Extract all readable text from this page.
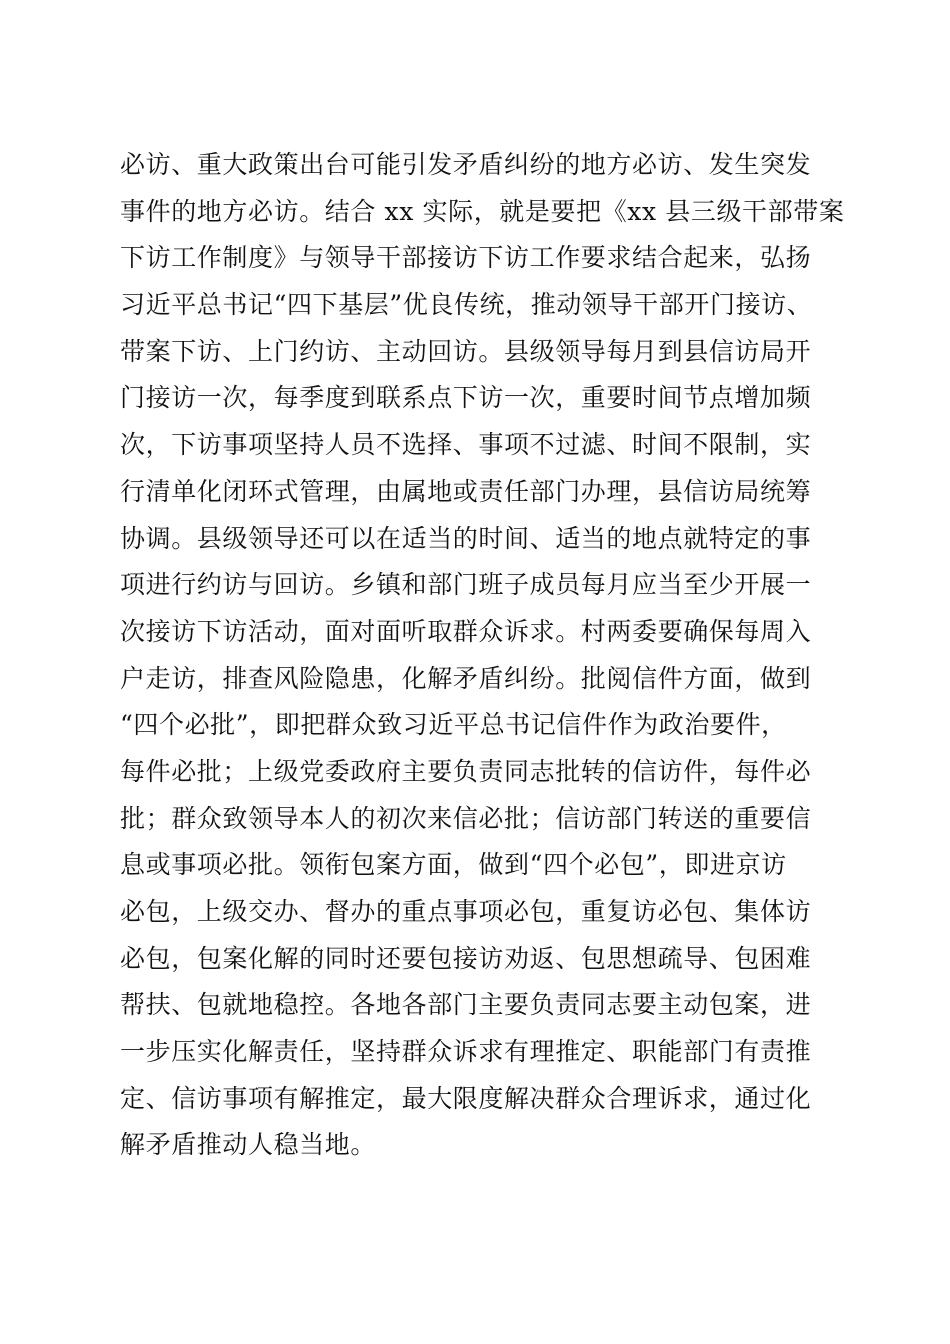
必访、重大政策出台可能引发矛盾纠纷的地方必访、发生突发
事件的地方必访。结合 xx 实际，就是要把《xx 县三级干部带案
下访工作制度》与领导干部接访下访工作要求结合起来，弘扬
习近平总书记“四下基层”优良传统，推动领导干部开门接访、
带案下访、上门约访、主动回访。县级领导每月到县信访局开
门接访一次，每季度到联系点下访一次，重要时间节点增加频
次，下访事项坚持人员不选择、事项不过滤、时间不限制，实
行清单化闭环式管理，由属地或责任部门办理，县信访局统筹
协调。县级领导还可以在适当的时间、适当的地点就特定的事
项进行约访与回访。乡镇和部门班子成员每月应当至少开展一
次接访下访活动，面对面听取群众诉求。村两委要确保每周入
户走访，排查风险隐患，化解矛盾纠纷。批阅信件方面，做到
“四个必批”，即把群众致习近平总书记信件作为政治要件，
每件必批；上级党委政府主要负责同志批转的信访件，每件必
批；群众致领导本人的初次来信必批；信访部门转送的重要信
息或事项必批。领衔包案方面，做到“四个必包”，即进京访
必包，上级交办、督办的重点事项必包，重复访必包、集体访
必包，包案化解的同时还要包接访劝返、包思想疏导、包困难
帮扶、包就地稳控。各地各部门主要负责同志要主动包案，进
一步压实化解责任，坚持群众诉求有理推定、职能部门有责推
定、信访事项有解推定，最大限度解决群众合理诉求，通过化
解矛盾推动人稳当地。
